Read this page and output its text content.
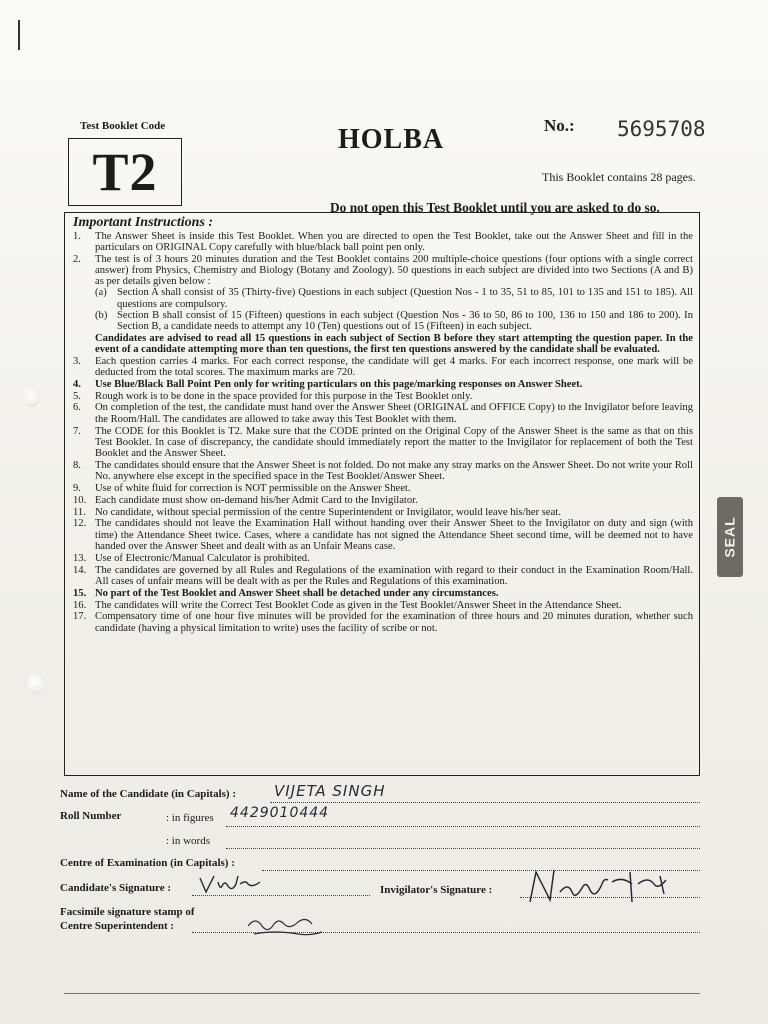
Test Booklet Code
T2
HOLBA	No.: 5695708
This Booklet contains 28 pages.
Do not open this Test Booklet until you are asked to do so.
Important Instructions :
1.	The Answer Sheet is inside this Test Booklet. When you are directed to open the Test Booklet, take out the Answer Sheet and fill in the particulars on ORIGINAL Copy carefully with blue/black ball point pen only.
2.	The test is of 3 hours 20 minutes duration and the Test Booklet contains 200 multiple-choice questions (four options with a single correct answer) from Physics, Chemistry and Biology (Botany and Zoology). 50 questions in each subject are divided into two Sections (A and B) as per details given below :
(a) Section A shall consist of 35 (Thirty-five) Questions in each subject (Question Nos - 1 to 35, 51 to 85, 101 to 135 and 151 to 185). All questions are compulsory.
(b) Section B shall consist of 15 (Fifteen) questions in each subject (Question Nos - 36 to 50, 86 to 100, 136 to 150 and 186 to 200). In Section B, a candidate needs to attempt any 10 (Ten) questions out of 15 (Fifteen) in each subject.
Candidates are advised to read all 15 questions in each subject of Section B before they start attempting the question paper. In the event of a candidate attempting more than ten questions, the first ten questions answered by the candidate shall be evaluated.
3.	Each question carries 4 marks. For each correct response, the candidate will get 4 marks. For each incorrect response, one mark will be deducted from the total scores. The maximum marks are 720.
4.	Use Blue/Black Ball Point Pen only for writing particulars on this page/marking responses on Answer Sheet.
5.	Rough work is to be done in the space provided for this purpose in the Test Booklet only.
6.	On completion of the test, the candidate must hand over the Answer Sheet (ORIGINAL and OFFICE Copy) to the Invigilator before leaving the Room/Hall. The candidates are allowed to take away this Test Booklet with them.
7.	The CODE for this Booklet is T2. Make sure that the CODE printed on the Original Copy of the Answer Sheet is the same as that on this Test Booklet. In case of discrepancy, the candidate should immediately report the matter to the Invigilator for replacement of both the Test Booklet and the Answer Sheet.
8.	The candidates should ensure that the Answer Sheet is not folded. Do not make any stray marks on the Answer Sheet. Do not write your Roll No. anywhere else except in the specified space in the Test Booklet/Answer Sheet.
9.	Use of white fluid for correction is NOT permissible on the Answer Sheet.
10. Each candidate must show on-demand his/her Admit Card to the Invigilator.
11. No candidate, without special permission of the centre Superintendent or Invigilator, would leave his/her seat.
12. The candidates should not leave the Examination Hall without handing over their Answer Sheet to the Invigilator on duty and sign (with time) the Attendance Sheet twice. Cases, where a candidate has not signed the Attendance Sheet second time, will be deemed not to have handed over the Answer Sheet and dealt with as an Unfair Means case.
13. Use of Electronic/Manual Calculator is prohibited.
14. The candidates are governed by all Rules and Regulations of the examination with regard to their conduct in the Examination Room/Hall. All cases of unfair means will be dealt with as per the Rules and Regulations of this examination.
15. No part of the Test Booklet and Answer Sheet shall be detached under any circumstances.
16. The candidates will write the Correct Test Booklet Code as given in the Test Booklet/Answer Sheet in the Attendance Sheet.
17. Compensatory time of one hour five minutes will be provided for the examination of three hours and 20 minutes duration, whether such candidate (having a physical limitation to write) uses the facility of scribe or not.
SEAL
Name of the Candidate (in Capitals) :	VIJETA SINGH
Roll Number	: in figures 4429010444
: in words
Centre of Examination (in Capitals) :
Candidate's Signature :	Invigilator's Signature :
Facsimile signature stamp of
Centre Superintendent :
